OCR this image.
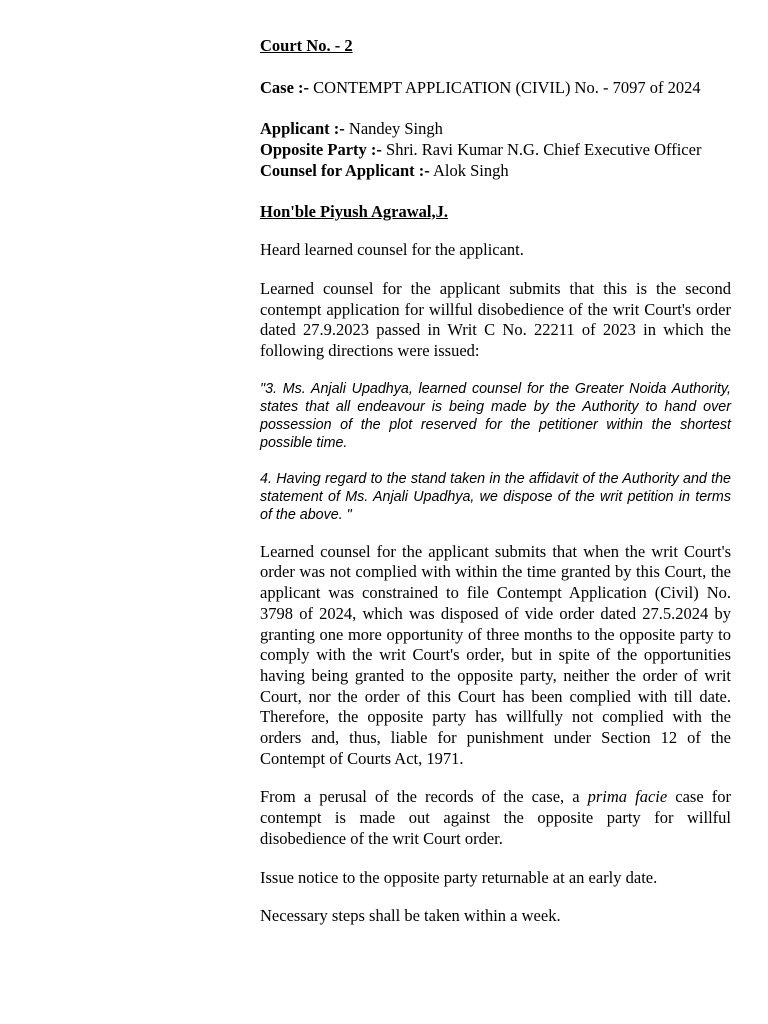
Court No. - 2

Case :- CONTEMPT APPLICATION (CIVIL) No. - 7097 of 2024

Applicant :- Nandey Singh

Opposite Party :- Shri. Ravi Kumar N.G. Chief Executive Officer

Counsel for Applicant :- Alok Singh

Hon'ble Piyush Agrawal,J.

Heard learned counsel for the applicant.

Learned counsel for the applicant submits that this is the second contempt application for willful disobedience of the writ Court's order dated 27.9.2023 passed in Writ C No. 22211 of 2023 in which the following directions were issued:

"3. Ms. Anjali Upadhya, learned counsel for the Greater Noida Authority, states that all endeavour is being made by the Authority to hand over possession of the plot reserved for the petitioner within the shortest possible time.

4. Having regard to the stand taken in the affidavit of the Authority and the statement of Ms. Anjali Upadhya, we dispose of the writ petition in terms of the above. "

Learned counsel for the applicant submits that when the writ Court's order was not complied with within the time granted by this Court, the applicant was constrained to file Contempt Application (Civil) No. 3798 of 2024, which was disposed of vide order dated 27.5.2024 by granting one more opportunity of three months to the opposite party to comply with the writ Court's order, but in spite of the opportunities having being granted to the opposite party, neither the order of writ Court, nor the order of this Court has been complied with till date. Therefore, the opposite party has willfully not complied with the orders and, thus, liable for punishment under Section 12 of the Contempt of Courts Act, 1971.

From a perusal of the records of the case, a prima facie case for contempt is made out against the opposite party for willful disobedience of the writ Court order.

Issue notice to the opposite party returnable at an early date.

Necessary steps shall be taken within a week.
